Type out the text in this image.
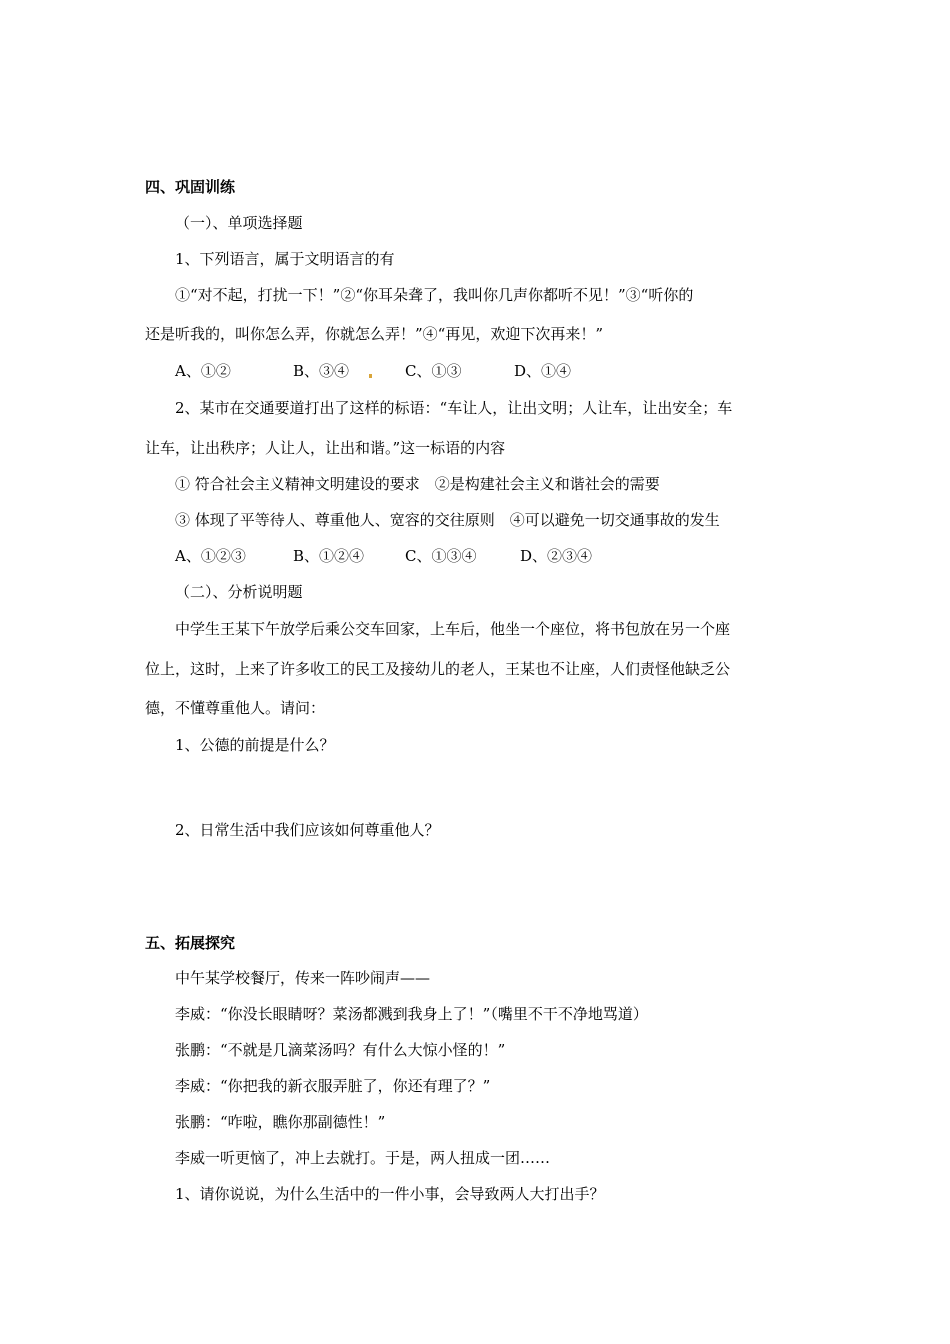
四、巩固训练
（一）、单项选择题
1、下列语言，属于文明语言的有
①“对不起，打扰一下！”②“你耳朵聋了，我叫你几声你都听不见！”③“听你的
还是听我的，叫你怎么弄，你就怎么弄！”④“再见，欢迎下次再来！”
A、①②	B、③④	C、①③	D、①④
2、某市在交通要道打出了这样的标语：“车让人，让出文明；人让车，让出安全；车
让车，让出秩序；人让人，让出和谐。”这一标语的内容
① 符合社会主义精神文明建设的要求　②是构建社会主义和谐社会的需要
③ 体现了平等待人、尊重他人、宽容的交往原则　④可以避免一切交通事故的发生
A、①②③	B、①②④	C、①③④	D、②③④
（二）、分析说明题
中学生王某下午放学后乘公交车回家，上车后，他坐一个座位，将书包放在另一个座
位上，这时，上来了许多收工的民工及接幼儿的老人，王某也不让座，人们责怪他缺乏公
德，不懂尊重他人。请问：
1、公德的前提是什么？
2、日常生活中我们应该如何尊重他人？
五、拓展探究
中午某学校餐厅，传来一阵吵闹声——
李威：“你没长眼睛呀？菜汤都溅到我身上了！”（嘴里不干不净地骂道）
张鹏：“不就是几滴菜汤吗？有什么大惊小怪的！”
李威：“你把我的新衣服弄脏了，你还有理了？”
张鹏：“咋啦，瞧你那副德性！”
李威一听更恼了，冲上去就打。于是，两人扭成一团……
1、请你说说，为什么生活中的一件小事，会导致两人大打出手？
